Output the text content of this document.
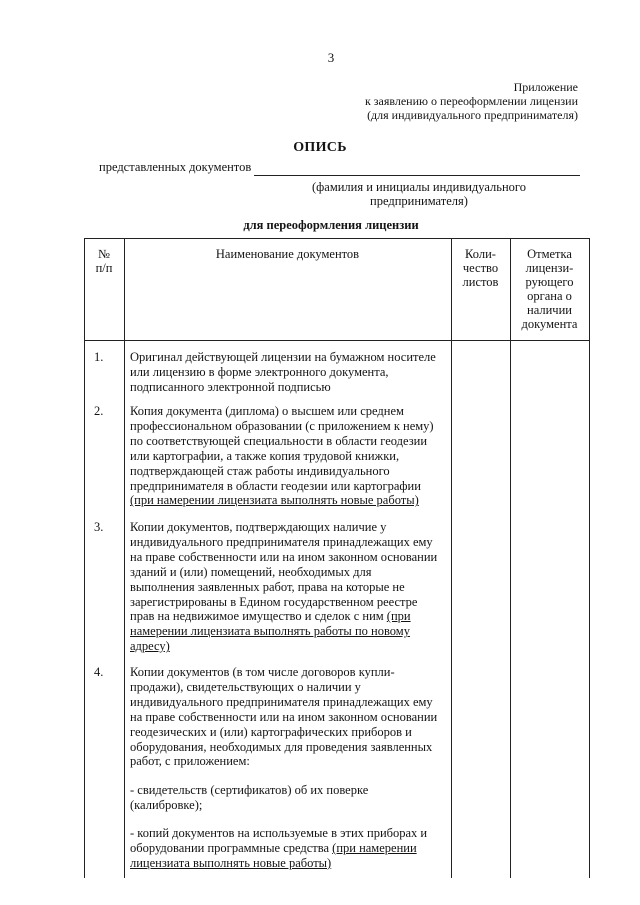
3
Приложение
к заявлению о переоформлении лицензии
(для индивидуального предпринимателя)
ОПИСЬ
представленных документов
(фамилия и инициалы индивидуального
предпринимателя)
для переоформления лицензии
№
п/п
Наименование документов	Коли-
чество
листов
Отметка
лицензи-
рующего
органа о
наличии
документа
1. Оригинал действующей лицензии на бумажном носителе
или лицензию в форме электронного документа,
подписанного электронной подписью
2. Копия документа (диплома) о высшем или среднем
профессиональном образовании (с приложением к нему)
по соответствующей специальности в области геодезии
или картографии, а также копия трудовой книжки,
подтверждающей стаж работы индивидуального
предпринимателя в области геодезии или картографии
(при намерении лицензиата выполнять новые работы)
3. Копии документов, подтверждающих наличие у
индивидуального предпринимателя принадлежащих ему
на праве собственности или на ином законном основании
зданий и (или) помещений, необходимых для
выполнения заявленных работ, права на которые не
зарегистрированы в Едином государственном реестре
прав на недвижимое имущество и сделок с ним (при
намерении лицензиата выполнять работы по новому
адресу)
4. Копии документов (в том числе договоров купли-
продажи), свидетельствующих о наличии у
индивидуального предпринимателя принадлежащих ему
на праве собственности или на ином законном основании
геодезических и (или) картографических приборов и
оборудования, необходимых для проведения заявленных
работ, с приложением:
- свидетельств (сертификатов) об их поверке
(калибровке);
- копий документов на используемые в этих приборах и
оборудовании программные средства (при намерении
лицензиата выполнять новые работы)
